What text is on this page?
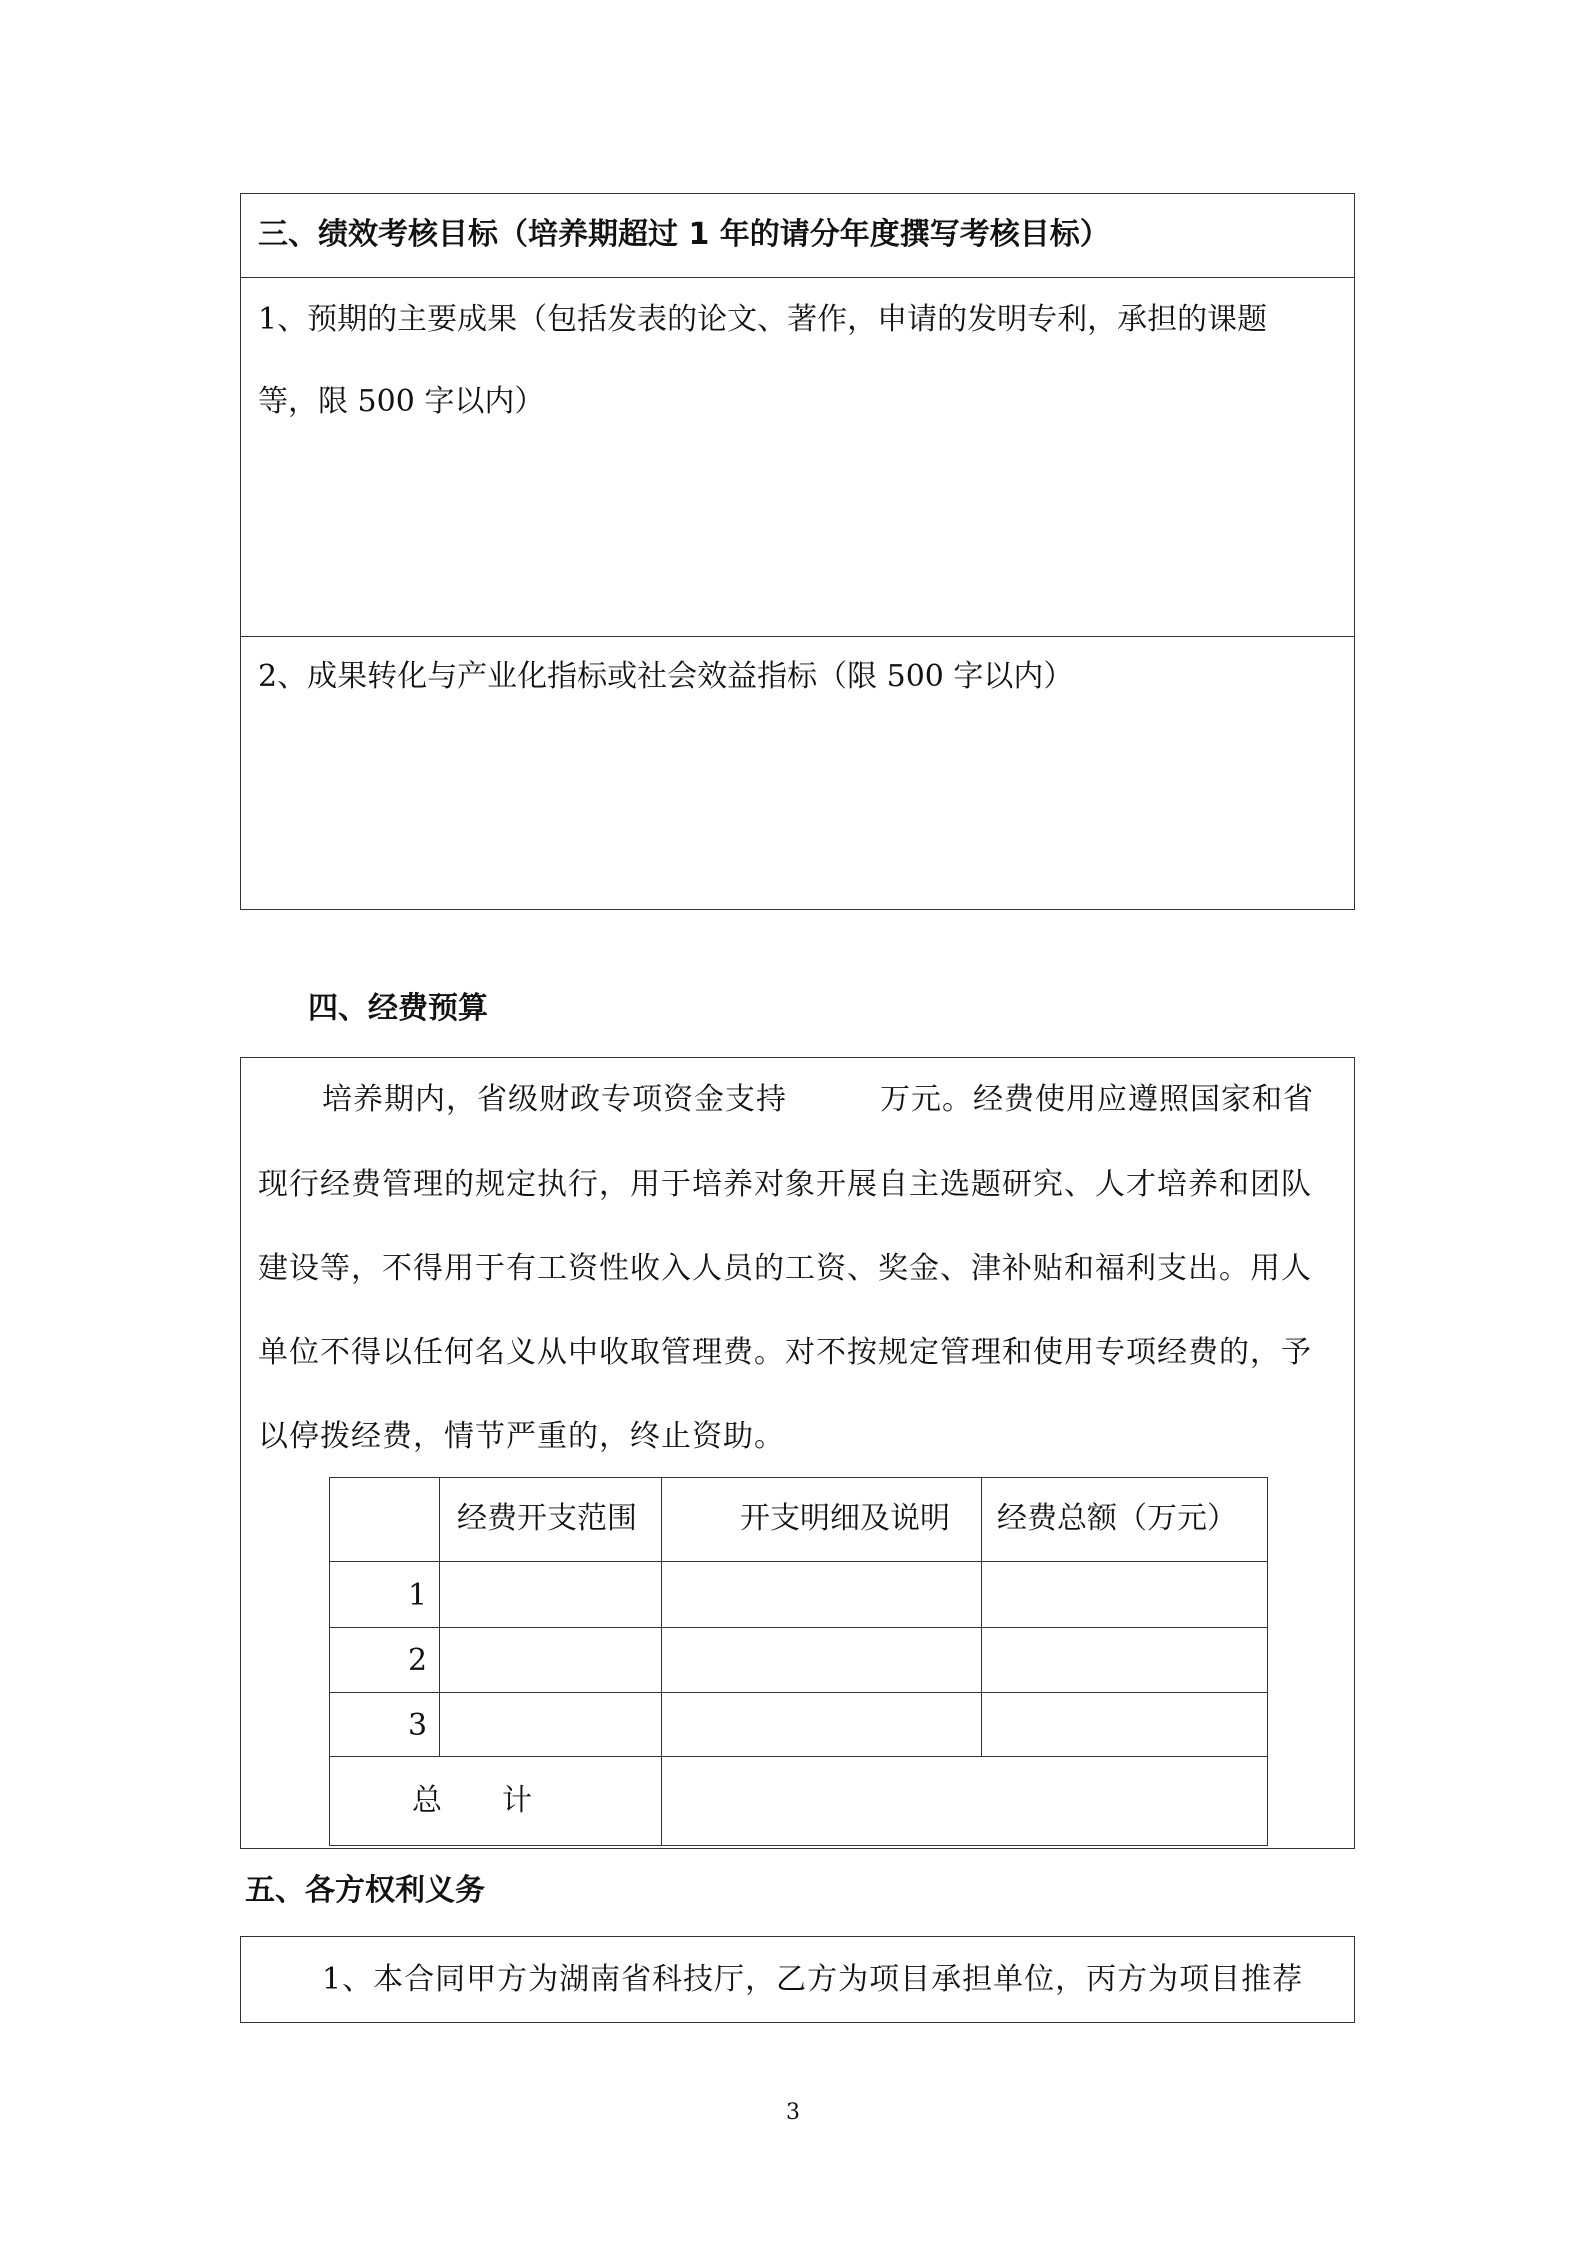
三、绩效考核目标（培养期超过 1 年的请分年度撰写考核目标）
1、预期的主要成果（包括发表的论文、著作，申请的发明专利，承担的课题
等，限 500 字以内）
2、成果转化与产业化指标或社会效益指标（限 500 字以内）
四、经费预算
培养期内，省级财政专项资金支持　　　万元。经费使用应遵照国家和省
现行经费管理的规定执行，用于培养对象开展自主选题研究、人才培养和团队
建设等，不得用于有工资性收入人员的工资、奖金、津补贴和福利支出。用人
单位不得以任何名义从中收取管理费。对不按规定管理和使用专项经费的，予
以停拨经费，情节严重的，终止资助。
经费开支范围	开支明细及说明 经费总额（万元）
1
2
3
总　　计
五、各方权利义务
1、本合同甲方为湖南省科技厅，乙方为项目承担单位，丙方为项目推荐
3
